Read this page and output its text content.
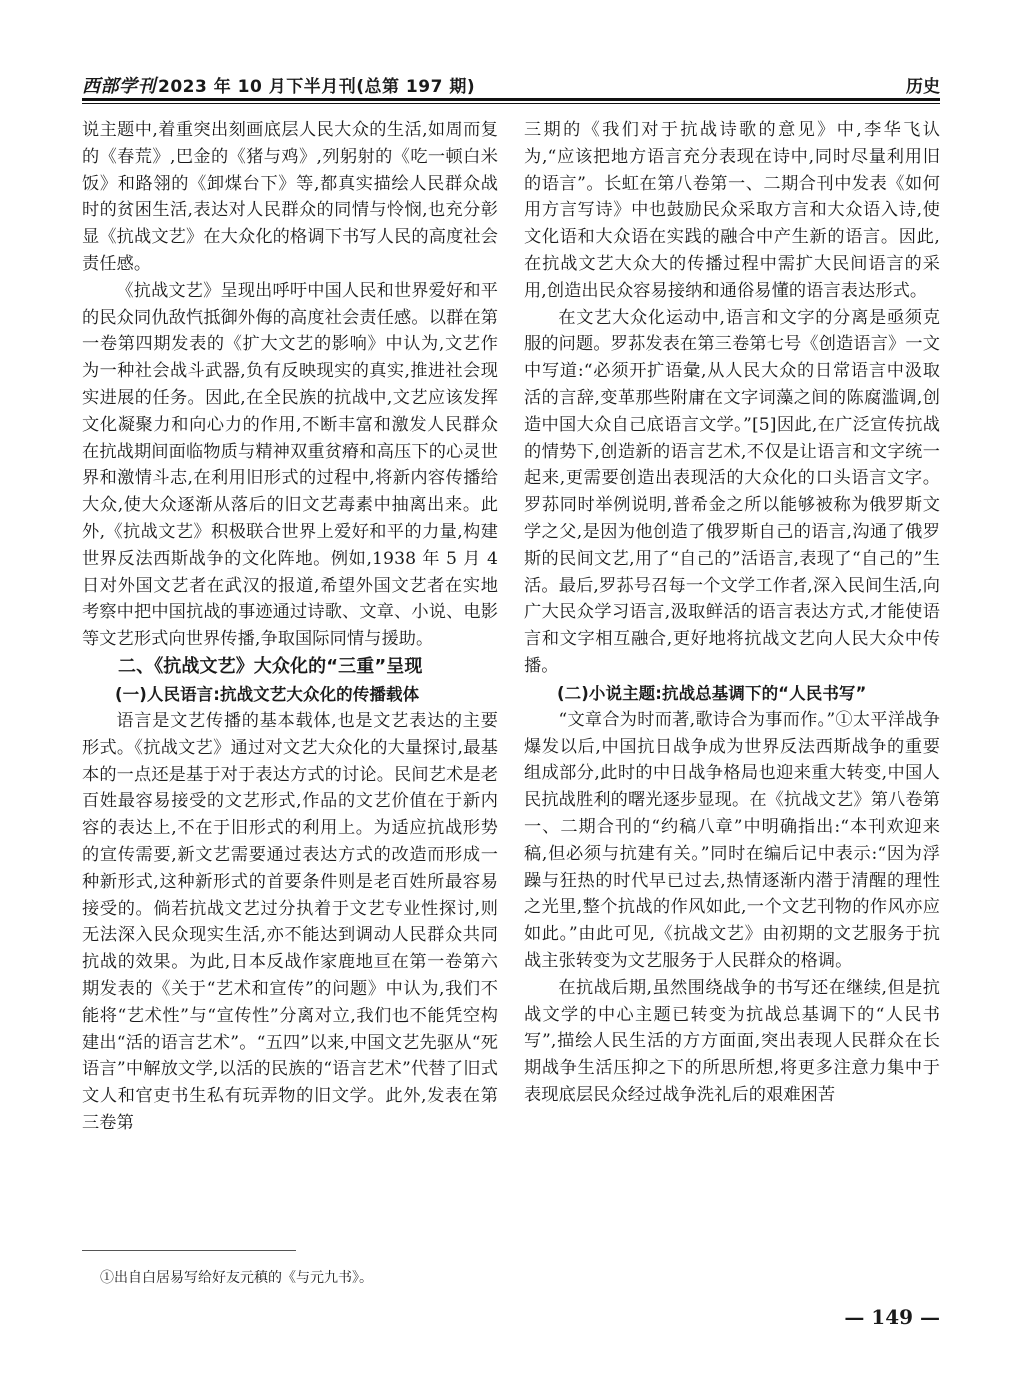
西部学刊 2023 年 10 月下半月刊(总第 197 期)	历史

说主题中,着重突出刻画底层人民大众的生活,如周而复的《春荒》,巴金的《猪与鸡》,列躬射的《吃一顿白米饭》和路翎的《卸煤台下》等,都真实描绘人民群众战时的贫困生活,表达对人民群众的同情与怜悯,也充分彰显《抗战文艺》在大众化的格调下书写人民的高度社会责任感。

《抗战文艺》呈现出呼吁中国人民和世界爱好和平的民众同仇敌忾抵御外侮的高度社会责任感。以群在第一卷第四期发表的《扩大文艺的影响》中认为,文艺作为一种社会战斗武器,负有反映现实的真实,推进社会现实进展的任务。因此,在全民族的抗战中,文艺应该发挥文化凝聚力和向心力的作用,不断丰富和激发人民群众在抗战期间面临物质与精神双重贫瘠和高压下的心灵世界和激情斗志,在利用旧形式的过程中,将新内容传播给大众,使大众逐渐从落后的旧文艺毒素中抽离出来。此外,《抗战文艺》积极联合世界上爱好和平的力量,构建世界反法西斯战争的文化阵地。例如,1938 年 5 月 4 日对外国文艺者在武汉的报道,希望外国文艺者在实地考察中把中国抗战的事迹通过诗歌、文章、小说、电影等文艺形式向世界传播,争取国际同情与援助。

二、《抗战文艺》大众化的“三重”呈现
(一)人民语言:抗战文艺大众化的传播载体

语言是文艺传播的基本载体,也是文艺表达的主要形式。《抗战文艺》通过对文艺大众化的大量探讨,最基本的一点还是基于对于表达方式的讨论。民间艺术是老百姓最容易接受的文艺形式,作品的文艺价值在于新内容的表达上,不在于旧形式的利用上。为适应抗战形势的宣传需要,新文艺需要通过表达方式的改造而形成一种新形式,这种新形式的首要条件则是老百姓所最容易接受的。倘若抗战文艺过分执着于文艺专业性探讨,则无法深入民众现实生活,亦不能达到调动人民群众共同抗战的效果。为此,日本反战作家鹿地亘在第一卷第六期发表的《关于“艺术和宣传”的问题》中认为,我们不能将“艺术性”与“宣传性”分离对立,我们也不能凭空构建出“活的语言艺术”。“五四”以来,中国文艺先驱从“死语言”中解放文学,以活的民族的“语言艺术”代替了旧式文人和官吏书生私有玩弄物的旧文学。此外,发表在第三卷第

三期的《我们对于抗战诗歌的意见》中,李华飞认为,“应该把地方语言充分表现在诗中,同时尽量利用旧的语言”。长虹在第八卷第一、二期合刊中发表《如何用方言写诗》中也鼓励民众采取方言和大众语入诗,使文化语和大众语在实践的融合中产生新的语言。因此,在抗战文艺大众大的传播过程中需扩大民间语言的采用,创造出民众容易接纳和通俗易懂的语言表达形式。

在文艺大众化运动中,语言和文字的分离是亟须克服的问题。罗荪发表在第三卷第七号《创造语言》一文中写道:“必须开扩语彙,从人民大众的日常语言中汲取活的言辞,变革那些附庸在文字词藻之间的陈腐滥调,创造中国大众自己底语言文学。”[5]因此,在广泛宣传抗战的情势下,创造新的语言艺术,不仅是让语言和文字统一起来,更需要创造出表现活的大众化的口头语言文字。罗荪同时举例说明,普希金之所以能够被称为俄罗斯文学之父,是因为他创造了俄罗斯自己的语言,沟通了俄罗斯的民间文艺,用了“自己的”活语言,表现了“自己的”生活。最后,罗荪号召每一个文学工作者,深入民间生活,向广大民众学习语言,汲取鲜活的语言表达方式,才能使语言和文字相互融合,更好地将抗战文艺向人民大众中传播。

(二)小说主题:抗战总基调下的“人民书写”

“文章合为时而著,歌诗合为事而作。”①太平洋战争爆发以后,中国抗日战争成为世界反法西斯战争的重要组成部分,此时的中日战争格局也迎来重大转变,中国人民抗战胜利的曙光逐步显现。在《抗战文艺》第八卷第一、二期合刊的“约稿八章”中明确指出:“本刊欢迎来稿,但必须与抗建有关。”同时在编后记中表示:“因为浮躁与狂热的时代早已过去,热情逐渐内潜于清醒的理性之光里,整个抗战的作风如此,一个文艺刊物的作风亦应如此。”由此可见,《抗战文艺》由初期的文艺服务于抗战主张转变为文艺服务于人民群众的格调。

在抗战后期,虽然围绕战争的书写还在继续,但是抗战文学的中心主题已转变为抗战总基调下的“人民书写”,描绘人民生活的方方面面,突出表现人民群众在长期战争生活压抑之下的所思所想,将更多注意力集中于表现底层民众经过战争洗礼后的艰难困苦

①出自白居易写给好友元稹的《与元九书》。
— 149 —
